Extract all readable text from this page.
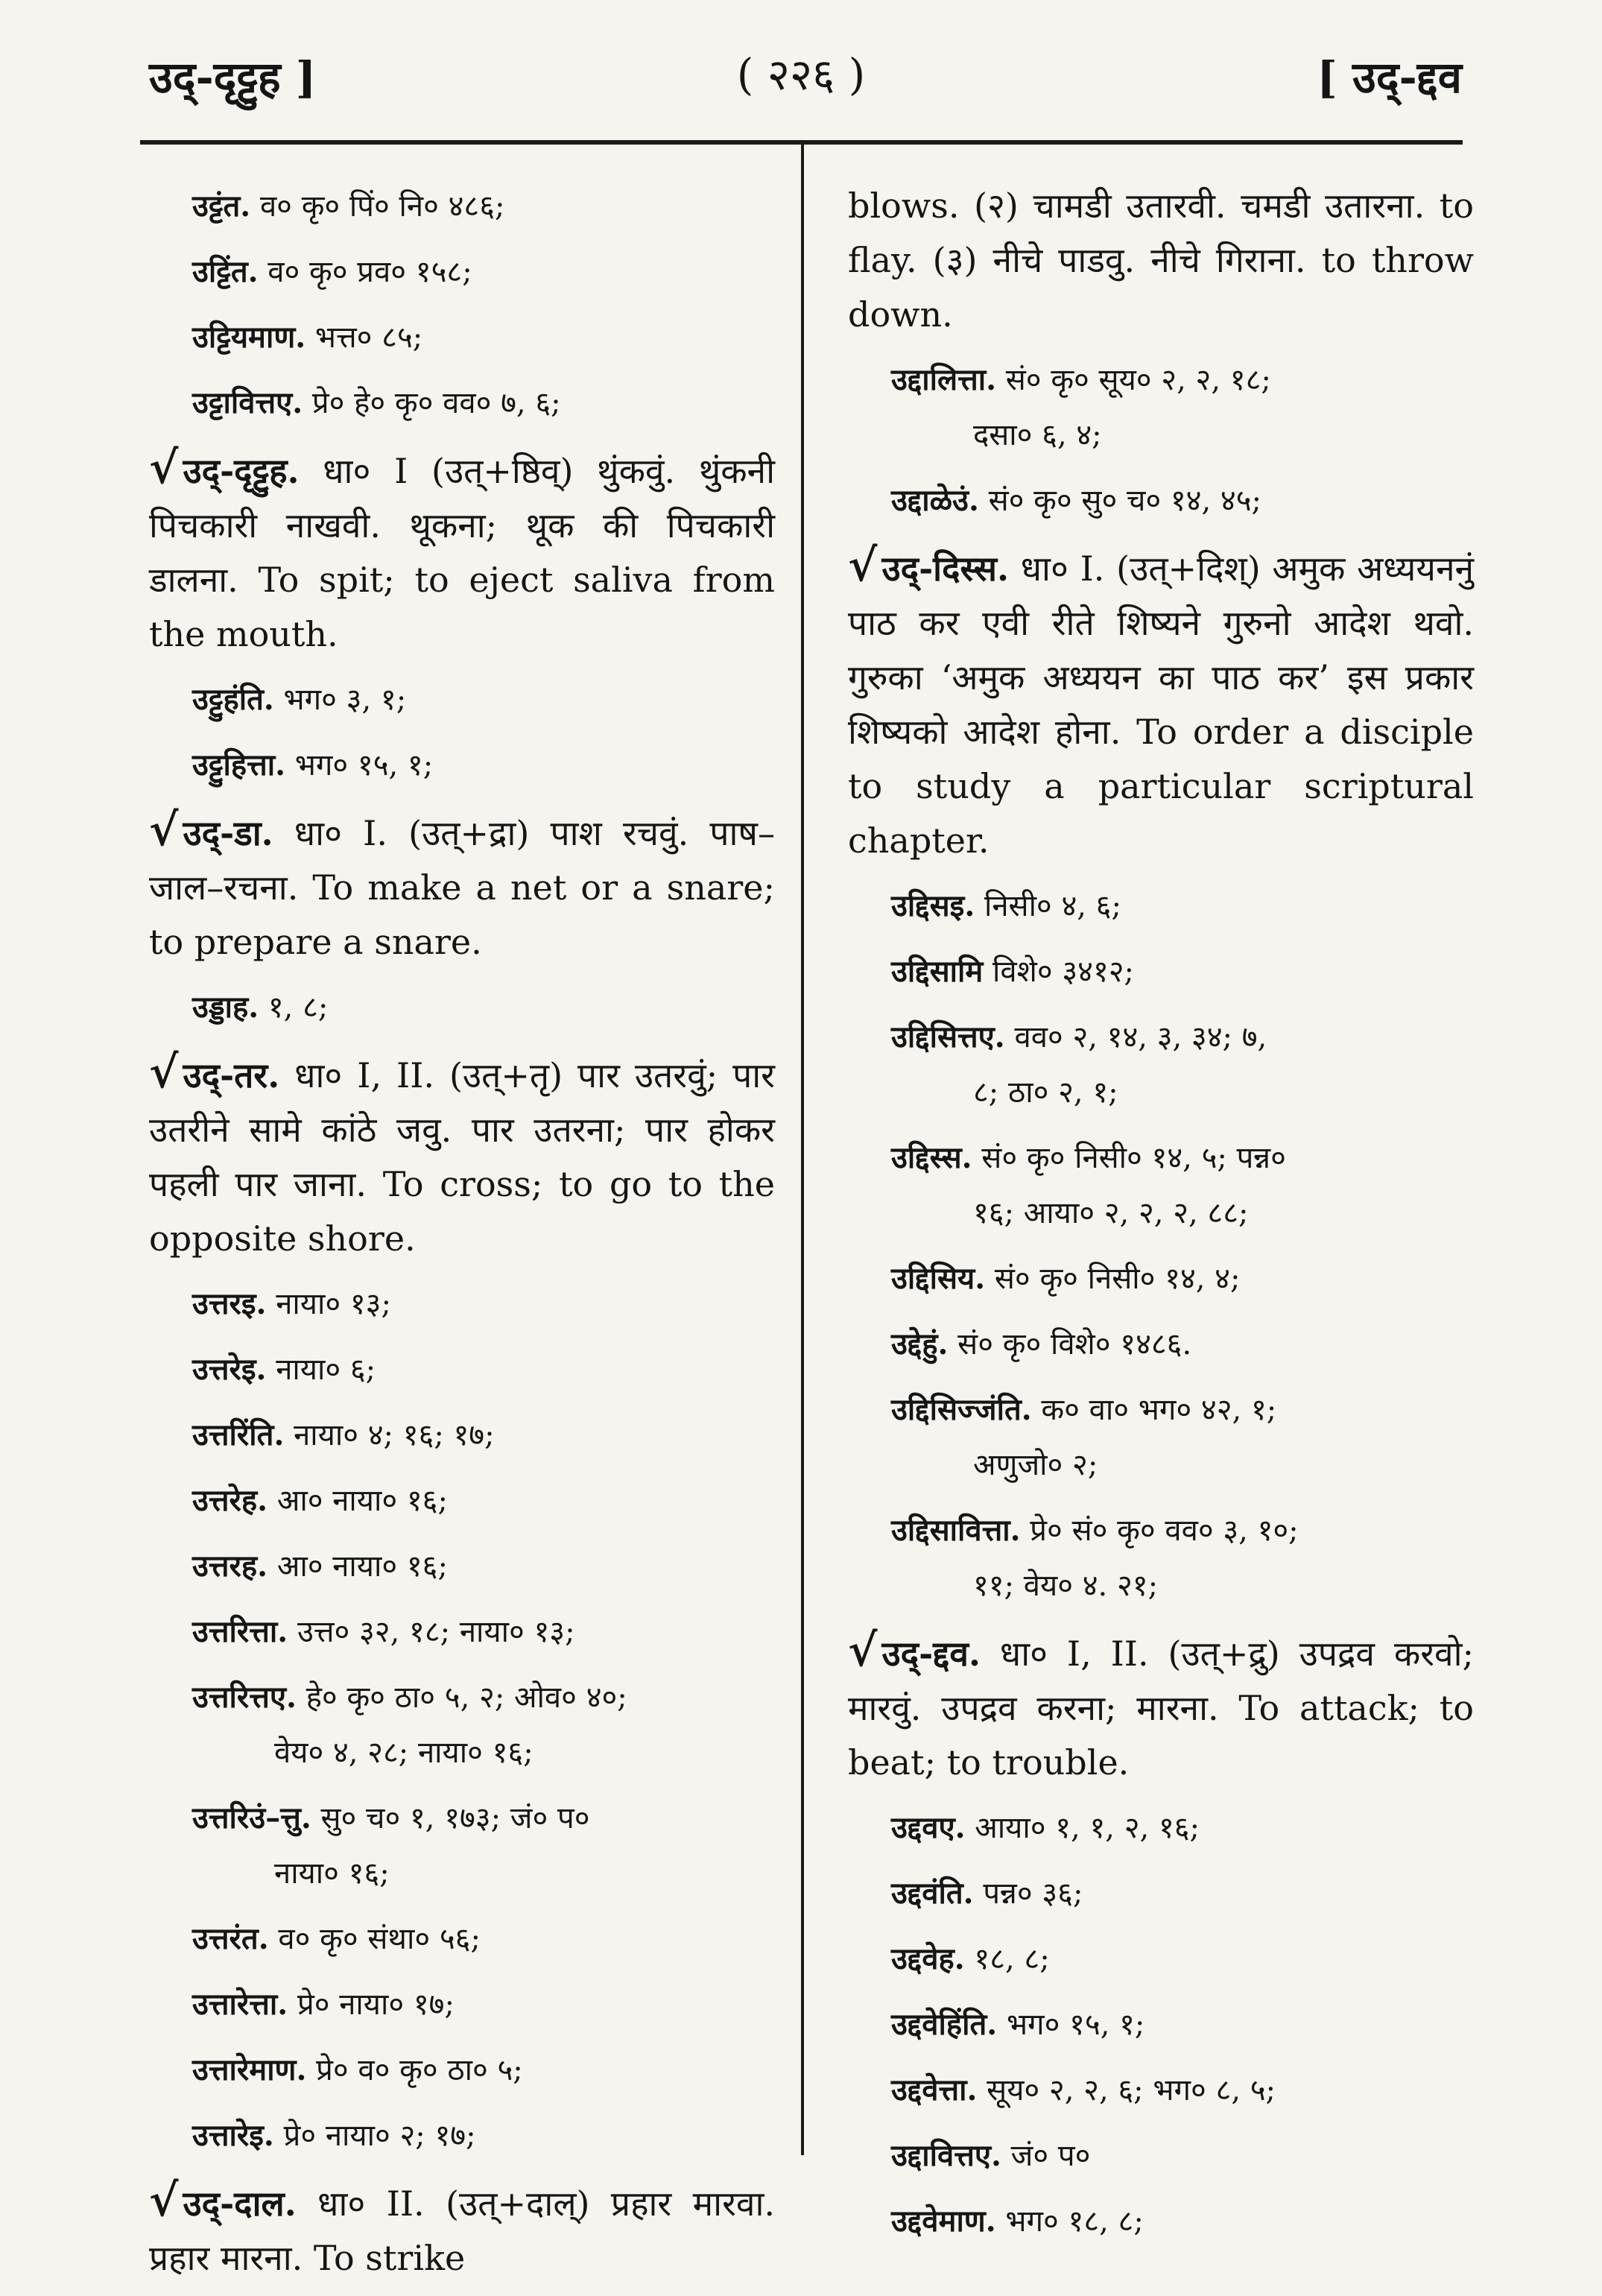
उद्-दृट्टुह ]	( २२६ )	[ उद्-द्दव

उट्टंत. व० कृ० पिं० नि० ४८६;

उट्टिंत. व० कृ० प्रव० १५८;

उट्टियमाण. भत्त० ८५;

उट्टावित्तए. प्रे० हे० कृ० वव० ७, ६;

√ उद्-दृट्टुह. धा० I (उत्+ष्ठिव्) थुंकवुं. थुंकनी पिचकारी नाखवी. थूकना; थूक की पिचकारी डालना. To spit; to eject saliva from the mouth.

उट्टुहंति. भग० ३, १;

उट्टुहित्ता. भग० १५, १;

√ उद्-डा. धा० I. (उत्+द्रा) पाश रचवुं. पाष–जाल–रचना. To make a net or a snare; to prepare a snare.

उड्डाह. १, ८;

√ उद्-तर. धा० I, II. (उत्+तृ) पार उतरवुं; पार उतरीने सामे कांठे जवु. पार उतरना; पार होकर पहली पार जाना. To cross; to go to the opposite shore.

उत्तरइ. नाया० १३;

उत्तरेइ. नाया० ६;

उत्तरिंति. नाया० ४; १६; १७;

उत्तरेह. आ० नाया० १६;

उत्तरह. आ० नाया० १६;

उत्तरित्ता. उत्त० ३२, १८; नाया० १३;

उत्तरित्तए. हे० कृ० ठा० ५, २; ओव० ४०;
वेय० ४, २८; नाया० १६;

उत्तरिउं–त्तु. सु० च० १, १७३; जं० प०
नाया० १६;

उत्तरंत. व० कृ० संथा० ५६;

उत्तारेत्ता. प्रे० नाया० १७;

उत्तारेमाण. प्रे० व० कृ० ठा० ५;

उत्तारेइ. प्रे० नाया० २; १७;

√ उद्-दाल. धा० II. (उत्+दाल्) प्रहार मारवा. प्रहार मारना. To strike

blows. (२) चामडी उतारवी. चमडी उतारना. to flay. (३) नीचे पाडवु. नीचे गिराना. to throw down.

उद्दालित्ता. सं० कृ० सूय० २, २, १८;
दसा० ६, ४;

उद्दाळेउं. सं० कृ० सु० च० १४, ४५;

√ उद्-दिस्स. धा० I. (उत्+दिश्) अमुक अध्ययननुं पाठ कर एवी रीते शिष्यने गुरुनो आदेश थवो. गुरुका ‘अमुक अध्ययन का पाठ कर’ इस प्रकार शिष्यको आदेश होना. To order a disciple to study a particular scriptural chapter.

उद्दिसइ. निसी० ४, ६;

उद्दिसामि विशे० ३४१२;

उद्दिसित्तए. वव० २, १४, ३, ३४; ७,
८; ठा० २, १;

उद्दिस्स. सं० कृ० निसी० १४, ५; पन्न०
१६; आया० २, २, २, ८८;

उद्दिसिय. सं० कृ० निसी० १४, ४;

उद्देहुं. सं० कृ० विशे० १४८६.

उद्दिसिज्जंति. क० वा० भग० ४२, १;
अणुजो० २;

उद्दिसावित्ता. प्रे० सं० कृ० वव० ३, १०;
११; वेय० ४. २१;

√ उद्-द्दव. धा० I, II. (उत्+द्रु) उपद्रव करवो; मारवुं. उपद्रव करना; मारना. To attack; to beat; to trouble.

उद्दवए. आया० १, १, २, १६;

उद्दवंति. पन्न० ३६;

उद्दवेह. १८, ८;

उद्दवेहिंति. भग० १५, १;

उद्दवेत्ता. सूय० २, २, ६; भग० ८, ५;

उद्दावित्तए. जं० प०

उद्दवेमाण. भग० १८, ८;
